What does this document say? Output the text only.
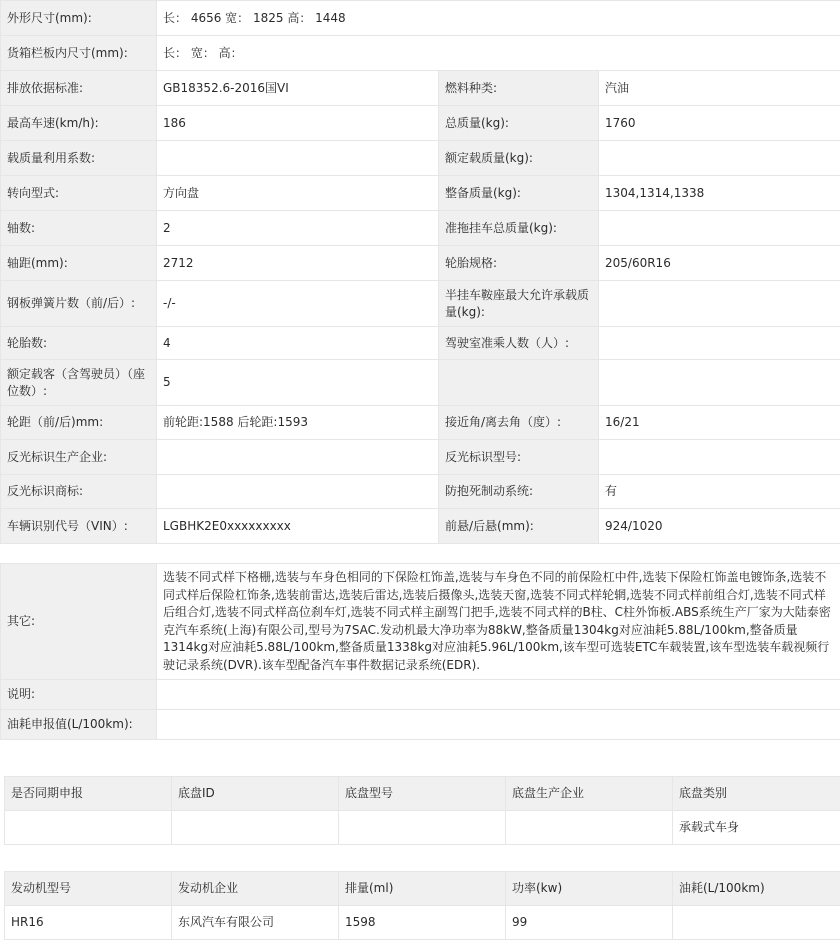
外形尺寸(mm):	长： 4656 宽： 1825 高： 1448		
货箱栏板内尺寸(mm):	长： 宽： 高：		
排放依据标准:	GB18352.6-2016国VI	燃料种类:	汽油
最高车速(km/h):	186	总质量(kg):	1760
载质量利用系数:		额定载质量(kg):	
转向型式:	方向盘	整备质量(kg):	1304,1314,1338
轴数:	2	准拖挂车总质量(kg):	
轴距(mm):	2712	轮胎规格:	205/60R16
钢板弹簧片数（前/后）:	-/-	半挂车鞍座最大允许承载质量(kg):	
轮胎数:	4	驾驶室准乘人数（人）:	
额定载客（含驾驶员）（座位数）:	5		
轮距（前/后)mm:	前轮距:1588 后轮距:1593	接近角/离去角（度）:	16/21
反光标识生产企业:		反光标识型号:	
反光标识商标:		防抱死制动系统:	有
车辆识别代号（VIN）:	LGBHK2E0xxxxxxxxx	前悬/后悬(mm):	924/1020
其它:	选装不同式样下格栅,选装与车身色相同的下保险杠饰盖,选装与车身色不同的前保险杠中件,选装下保险杠饰盖电镀饰条,选装不同式样后保险杠饰条,选装前雷达,选装后雷达,选装后摄像头,选装天窗,选装不同式样轮辋,选装不同式样前组合灯,选装不同式样后组合灯,选装不同式样高位刹车灯,选装不同式样主副驾门把手,选装不同式样的B柱、C柱外饰板.ABS系统生产厂家为大陆泰密克汽车系统(上海)有限公司,型号为7SAC.发动机最大净功率为88kW,整备质量1304kg对应油耗5.88L/100km,整备质量1314kg对应油耗5.88L/100km,整备质量1338kg对应油耗5.96L/100km,该车型可选装ETC车载装置,该车型选装车载视频行驶记录系统(DVR).该车型配备汽车事件数据记录系统(EDR).
说明:	
油耗申报值(L/100km):	
是否同期申报	底盘ID	底盘型号	底盘生产企业	底盘类别
				承载式车身
发动机型号	发动机企业	排量(ml)	功率(kw)	油耗(L/100km)
HR16	东风汽车有限公司	1598	99	
